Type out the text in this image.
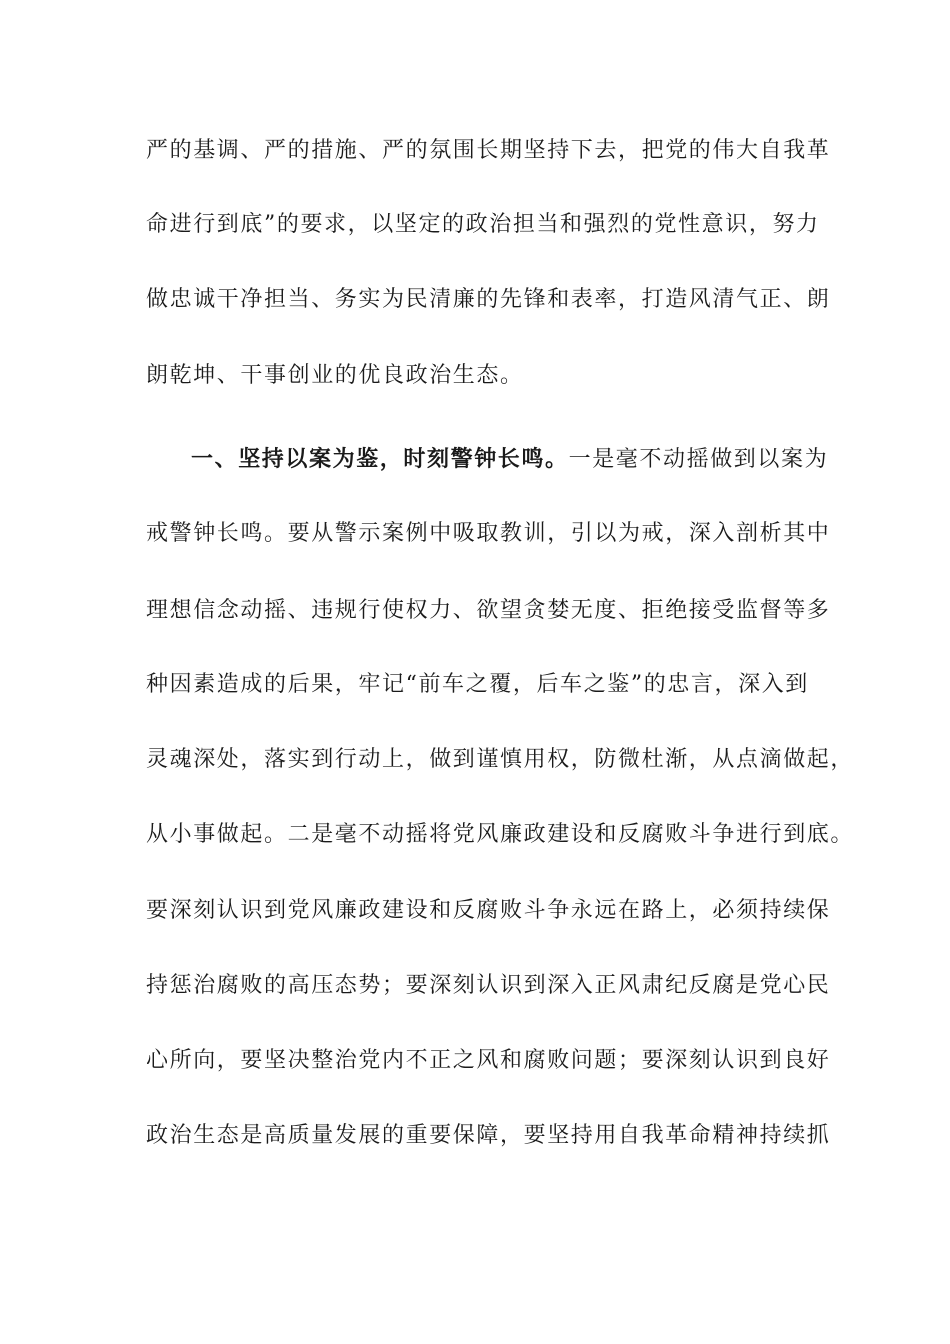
严的基调、严的措施、严的氛围长期坚持下去，把党的伟大自我革
命进行到底”的要求，以坚定的政治担当和强烈的党性意识，努力
做忠诚干净担当、务实为民清廉的先锋和表率，打造风清气正、朗
朗乾坤、干事创业的优良政治生态。
一、坚持以案为鉴，时刻警钟长鸣。一是毫不动摇做到以案为
戒警钟长鸣。要从警示案例中吸取教训，引以为戒，深入剖析其中
理想信念动摇、违规行使权力、欲望贪婪无度、拒绝接受监督等多
种因素造成的后果，牢记“前车之覆，后车之鉴”的忠言，深入到
灵魂深处，落实到行动上，做到谨慎用权，防微杜渐，从点滴做起，
从小事做起。二是毫不动摇将党风廉政建设和反腐败斗争进行到底。
要深刻认识到党风廉政建设和反腐败斗争永远在路上，必须持续保
持惩治腐败的高压态势；要深刻认识到深入正风肃纪反腐是党心民
心所向，要坚决整治党内不正之风和腐败问题；要深刻认识到良好
政治生态是高质量发展的重要保障，要坚持用自我革命精神持续抓
